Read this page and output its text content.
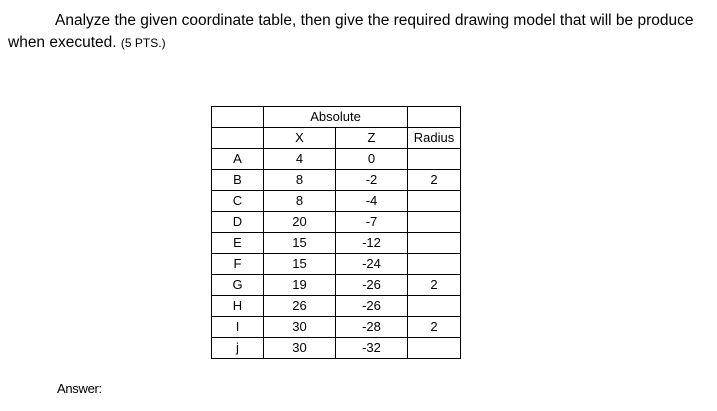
Analyze the given coordinate table, then give the required drawing model that will be produce when executed. (5 PTS.)

	Absolute		
	X	Z	Radius
A	4	0	
B	8	-2	2
C	8	-4	
D	20	-7	
E	15	-12	
F	15	-24	
G	19	-26	2
H	26	-26	
I	30	-28	2
j	30	-32	
Answer:
